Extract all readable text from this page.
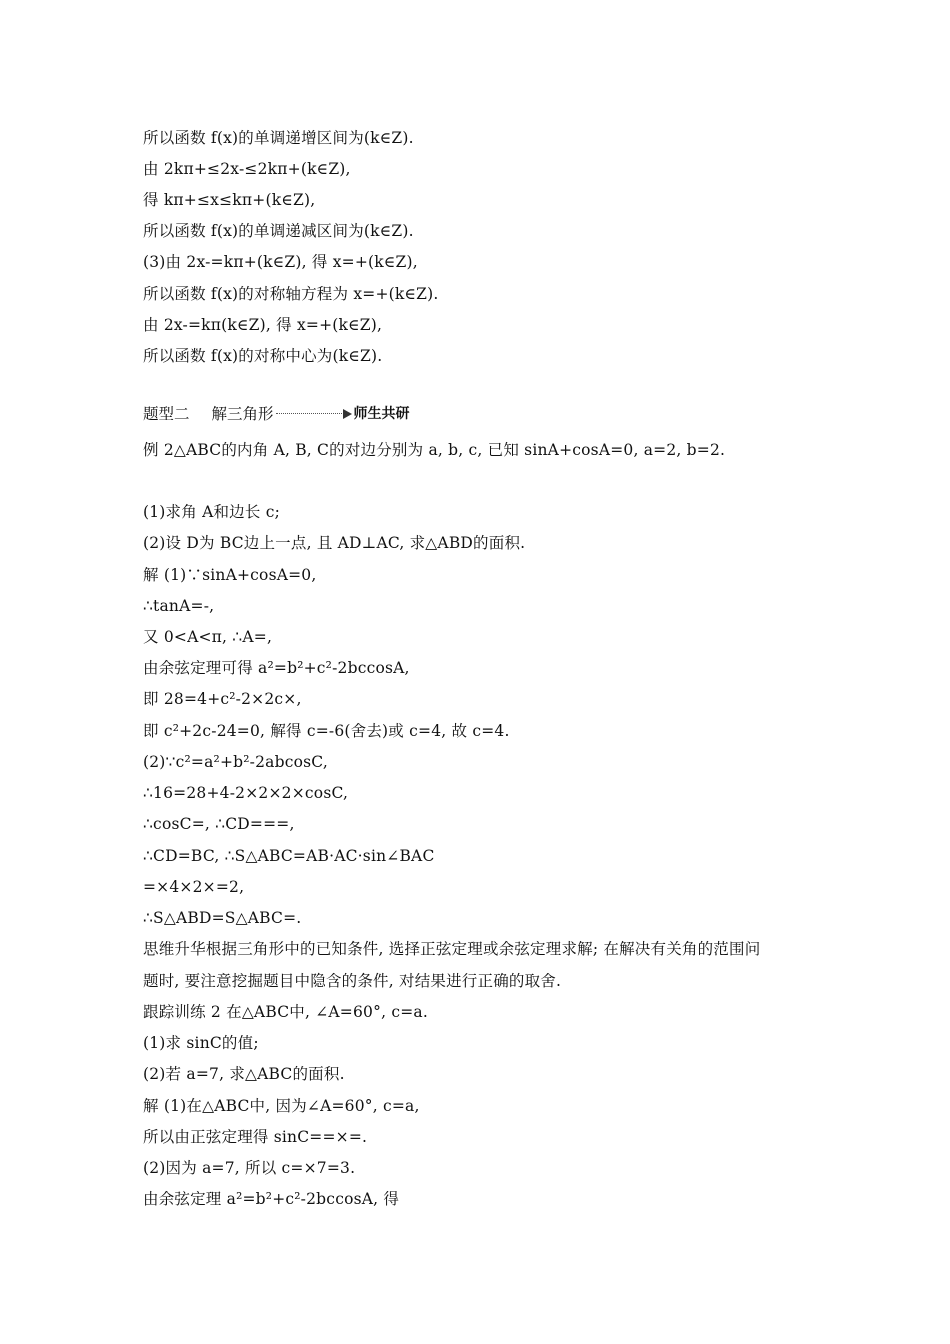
所以函数 f(x)的单调递增区间为(k∈Z).
由 2kπ+≤2x-≤2kπ+(k∈Z),
得 kπ+≤x≤kπ+(k∈Z),
所以函数 f(x)的单调递减区间为(k∈Z).
(3)由 2x-=kπ+(k∈Z), 得 x=+(k∈Z),
所以函数 f(x)的对称轴方程为 x=+(k∈Z).
由 2x-=kπ(k∈Z), 得 x=+(k∈Z),
所以函数 f(x)的对称中心为(k∈Z).
题型二 解三角形	师生共研
例 2△ABC的内角 A, B, C的对边分别为 a, b, c, 已知 sinA+cosA=0, a=2, b=2.
(1)求角 A和边长 c;
(2)设 D为 BC边上一点, 且 AD⊥AC, 求△ABD的面积.
解 (1)∵sinA+cosA=0,
∴tanA=-,
又 0<A<π, ∴A=,
由余弦定理可得 a²=b²+c²-2bccosA,
即 28=4+c²-2×2c×,
即 c²+2c-24=0, 解得 c=-6(舍去)或 c=4, 故 c=4.
(2)∵c²=a²+b²-2abcosC,
∴16=28+4-2×2×2×cosC,
∴cosC=, ∴CD===,
∴CD=BC, ∴S△ABC=AB·AC·sin∠BAC
=×4×2×=2,
∴S△ABD=S△ABC=.
思维升华根据三角形中的已知条件, 选择正弦定理或余弦定理求解; 在解决有关角的范围问
题时, 要注意挖掘题目中隐含的条件, 对结果进行正确的取舍.
跟踪训练 2 在△ABC中, ∠A=60°, c=a.
(1)求 sinC的值;
(2)若 a=7, 求△ABC的面积.
解 (1)在△ABC中, 因为∠A=60°, c=a,
所以由正弦定理得 sinC==×=.
(2)因为 a=7, 所以 c=×7=3.
由余弦定理 a²=b²+c²-2bccosA, 得
